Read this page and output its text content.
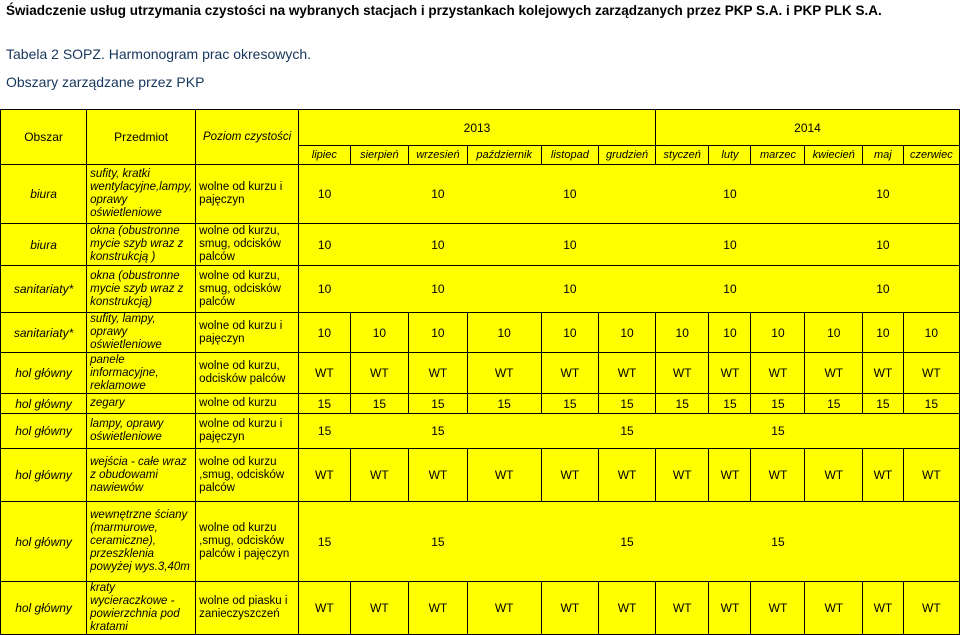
Świadczenie usług utrzymania czystości na wybranych stacjach i przystankach kolejowych zarządzanych przez PKP S.A. i PKP PLK S.A.
Tabela 2 SOPZ. Harmonogram prac okresowych.
Obszary zarządzane przez PKP
Obszar	Przedmiot	Poziom czystości	2013						2014					
			lipiec	sierpień	wrzesień	październik	listopad	grudzień	styczeń	luty	marzec	kwiecień	maj	czerwiec
biura	sufity, kratki wentylacyjne,lampy, oprawy oświetleniowe	wolne od kurzu i pajęczyn	10		10		10			10			10	
biura	okna (obustronne mycie szyb wraz z konstrukcją )	wolne od kurzu, smug, odcisków palców	10		10		10			10			10	
sanitariaty*	okna (obustronne mycie szyb wraz z konstrukcją)	wolne od kurzu, smug, odcisków palców	10		10		10			10			10	
sanitariaty*	sufity, lampy, oprawy oświetleniowe	wolne od kurzu i pajęczyn	10	10	10	10	10	10	10	10	10	10	10	10
hol główny	panele informacyjne, reklamowe	wolne od kurzu, odcisków palców	WT	WT	WT	WT	WT	WT	WT	WT	WT	WT	WT	WT
hol główny	zegary	wolne od kurzu	15	15	15	15	15	15	15	15	15	15	15	15
hol główny	lampy, oprawy oświetleniowe	wolne od kurzu i pajęczyn	15		15			15			15			
hol główny	wejścia - całe wraz z obudowami nawiewów	wolne od kurzu ,smug, odcisków palców	WT	WT	WT	WT	WT	WT	WT	WT	WT	WT	WT	WT
hol główny	wewnętrzne ściany (marmurowe, ceramiczne), przeszklenia powyżej wys.3,40m	wolne od kurzu ,smug, odcisków palców i pajęczyn	15		15			15			15			
hol główny	kraty wycieraczkowe - powierzchnia pod kratami	wolne od piasku i zanieczyszczeń	WT	WT	WT	WT	WT	WT	WT	WT	WT	WT	WT	WT
